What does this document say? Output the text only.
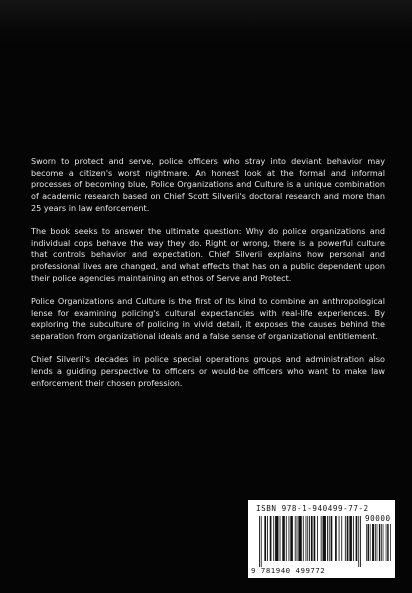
Sworn to protect and serve, police officers who stray into deviant behavior may become a citizen's worst nightmare. An honest look at the formal and informal processes of becoming blue, Police Organizations and Culture is a unique combination of academic research based on Chief Scott Silverii's doctoral research and more than 25 years in law enforcement.

The book seeks to answer the ultimate question: Why do police organizations and individual cops behave the way they do. Right or wrong, there is a powerful culture that controls behavior and expectation. Chief Silverii explains how personal and professional lives are changed, and what effects that has on a public dependent upon their police agencies maintaining an ethos of Serve and Protect.

Police Organizations and Culture is the first of its kind to combine an anthropological lense for examining policing's cultural expectancies with real-life experiences. By exploring the subculture of policing in vivid detail, it exposes the causes behind the separation from organizational ideals and a false sense of organizational entitlement.

Chief Silverii's decades in police special operations groups and administration also lends a guiding perspective to officers or would-be officers who want to make law enforcement their chosen profession.

ISBN 978-1-940499-77-2
90000
9 781940 499772
